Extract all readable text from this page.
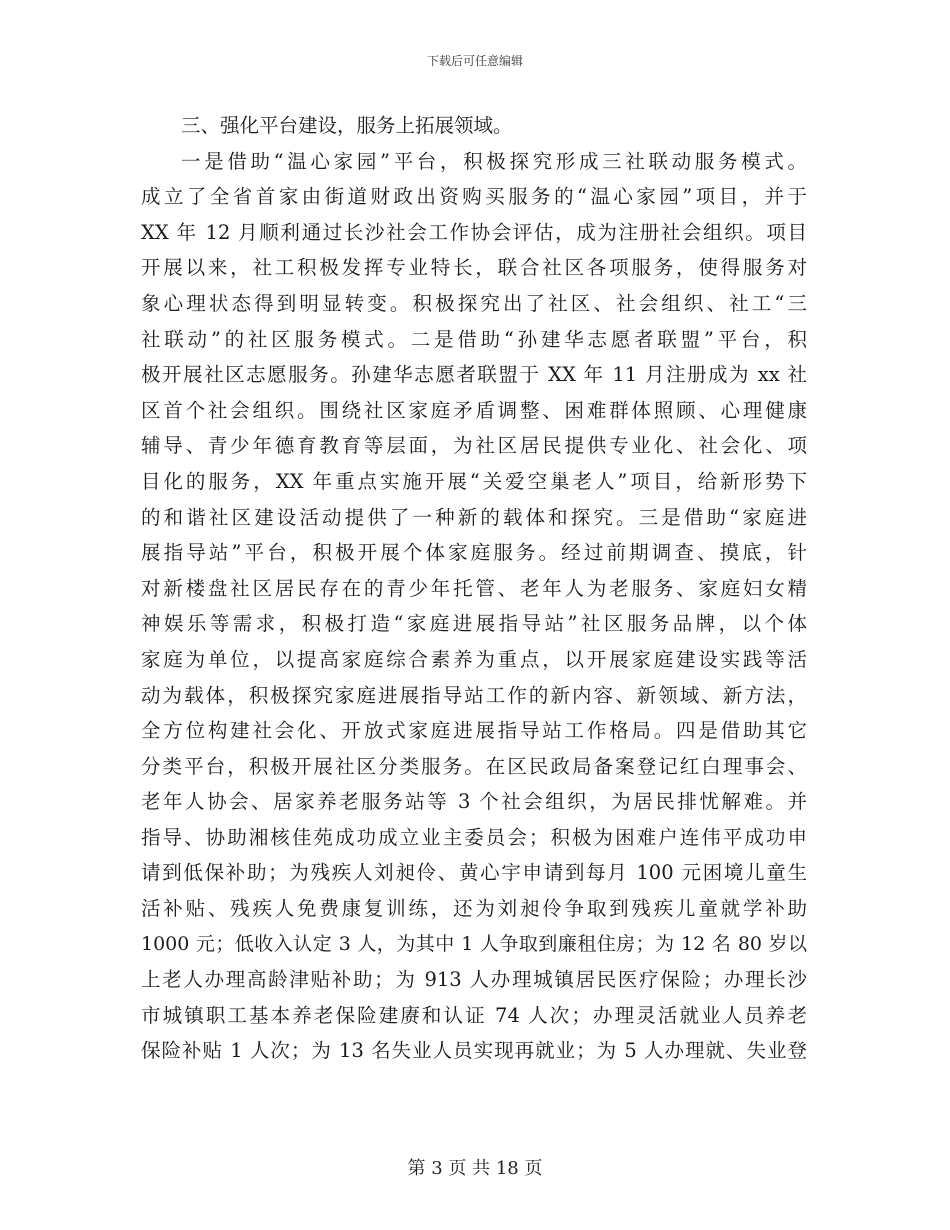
下载后可任意编辑
三、强化平台建设，服务上拓展领域。
一是借助“温心家园”平台，积极探究形成三社联动服务模式。
成立了全省首家由街道财政出资购买服务的“温心家园”项目，并于
XX 年 12 月顺利通过长沙社会工作协会评估，成为注册社会组织。项目
开展以来，社工积极发挥专业特长，联合社区各项服务，使得服务对
象心理状态得到明显转变。积极探究出了社区、社会组织、社工“三
社联动”的社区服务模式。二是借助“孙建华志愿者联盟”平台，积
极开展社区志愿服务。孙建华志愿者联盟于 XX 年 11 月注册成为 xx 社
区首个社会组织。围绕社区家庭矛盾调整、困难群体照顾、心理健康
辅导、青少年德育教育等层面，为社区居民提供专业化、社会化、项
目化的服务，XX 年重点实施开展“关爱空巢老人”项目，给新形势下
的和谐社区建设活动提供了一种新的载体和探究。三是借助“家庭进
展指导站”平台，积极开展个体家庭服务。经过前期调查、摸底，针
对新楼盘社区居民存在的青少年托管、老年人为老服务、家庭妇女精
神娱乐等需求，积极打造“家庭进展指导站”社区服务品牌，以个体
家庭为单位，以提高家庭综合素养为重点，以开展家庭建设实践等活
动为载体，积极探究家庭进展指导站工作的新内容、新领域、新方法，
全方位构建社会化、开放式家庭进展指导站工作格局。四是借助其它
分类平台，积极开展社区分类服务。在区民政局备案登记红白理事会、
老年人协会、居家养老服务站等 3 个社会组织，为居民排忧解难。并
指导、协助湘核佳苑成功成立业主委员会；积极为困难户连伟平成功申
请到低保补助；为残疾人刘昶伶、黄心宇申请到每月 100 元困境儿童生
活补贴、残疾人免费康复训练，还为刘昶伶争取到残疾儿童就学补助
1000 元；低收入认定 3 人，为其中 1 人争取到廉租住房；为 12 名 80 岁以
上老人办理高龄津贴补助；为 913 人办理城镇居民医疗保险；办理长沙
市城镇职工基本养老保险建赓和认证 74 人次；办理灵活就业人员养老
保险补贴 1 人次；为 13 名失业人员实现再就业；为 5 人办理就、失业登
第 3 页 共 18 页
